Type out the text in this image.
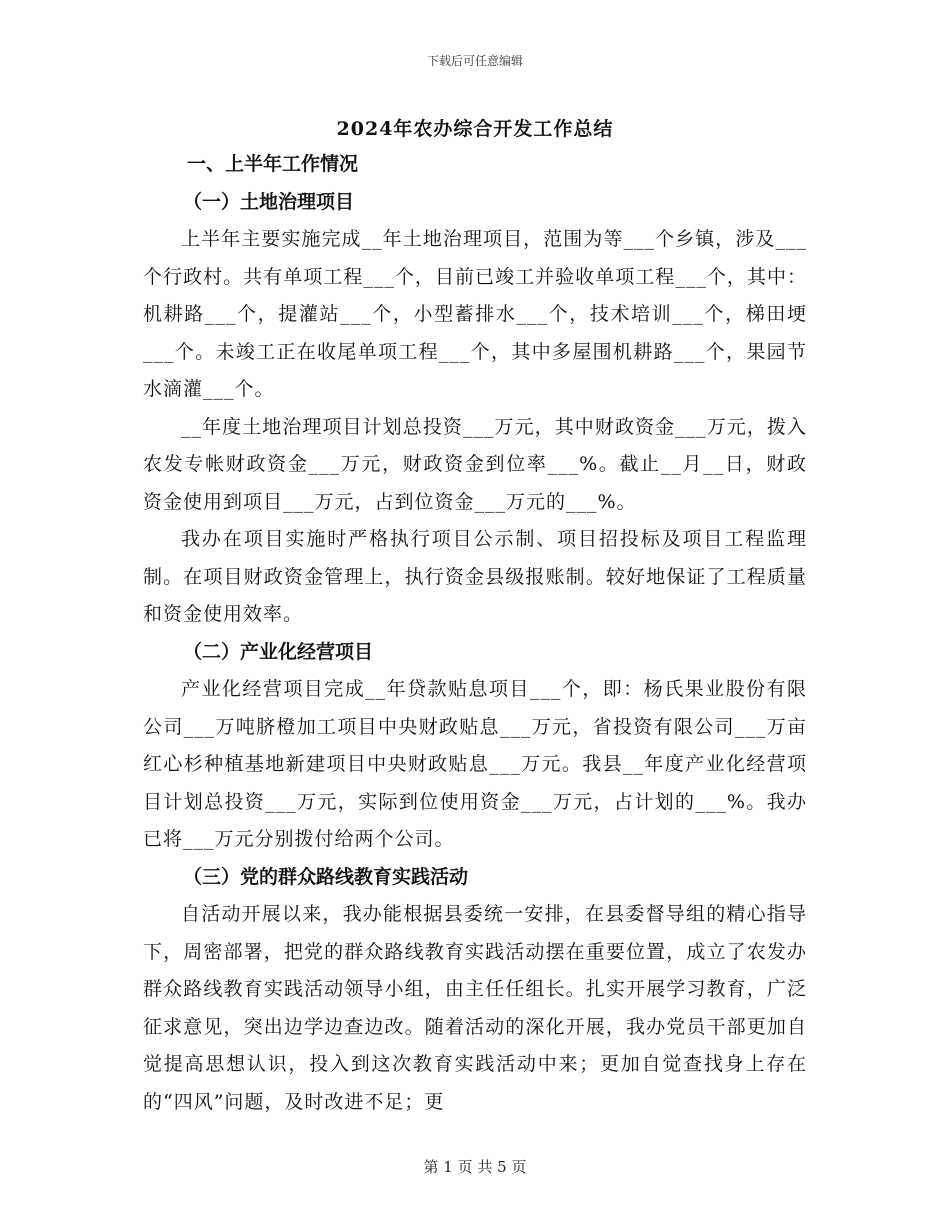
下载后可任意编辑
2024年农办综合开发工作总结

一、上半年工作情况

（一）土地治理项目

上半年主要实施完成__年土地治理项目，范围为等___个乡镇，涉及___个行政村。共有单项工程___个，目前已竣工并验收单项工程___个，其中：机耕路___个，提灌站___个，小型蓄排水___个，技术培训___个，梯田埂___个。未竣工正在收尾单项工程___个，其中多屋围机耕路___个，果园节水滴灌___个。

__年度土地治理项目计划总投资___万元，其中财政资金___万元，拨入农发专帐财政资金___万元，财政资金到位率___%。截止__月__日，财政资金使用到项目___万元，占到位资金___万元的___%。

我办在项目实施时严格执行项目公示制、项目招投标及项目工程监理制。在项目财政资金管理上，执行资金县级报账制。较好地保证了工程质量和资金使用效率。

（二）产业化经营项目

产业化经营项目完成__年贷款贴息项目___个，即：杨氏果业股份有限公司___万吨脐橙加工项目中央财政贴息___万元，省投资有限公司___万亩红心杉种植基地新建项目中央财政贴息___万元。我县__年度产业化经营项目计划总投资___万元，实际到位使用资金___万元，占计划的___%。我办已将___万元分别拨付给两个公司。

（三）党的群众路线教育实践活动

自活动开展以来，我办能根据县委统一安排，在县委督导组的精心指导下，周密部署，把党的群众路线教育实践活动摆在重要位置，成立了农发办群众路线教育实践活动领导小组，由主任任组长。扎实开展学习教育，广泛征求意见，突出边学边查边改。随着活动的深化开展，我办党员干部更加自觉提高思想认识，投入到这次教育实践活动中来；更加自觉查找身上存在的“四风”问题，及时改进不足；更

第 1 页 共 5 页
